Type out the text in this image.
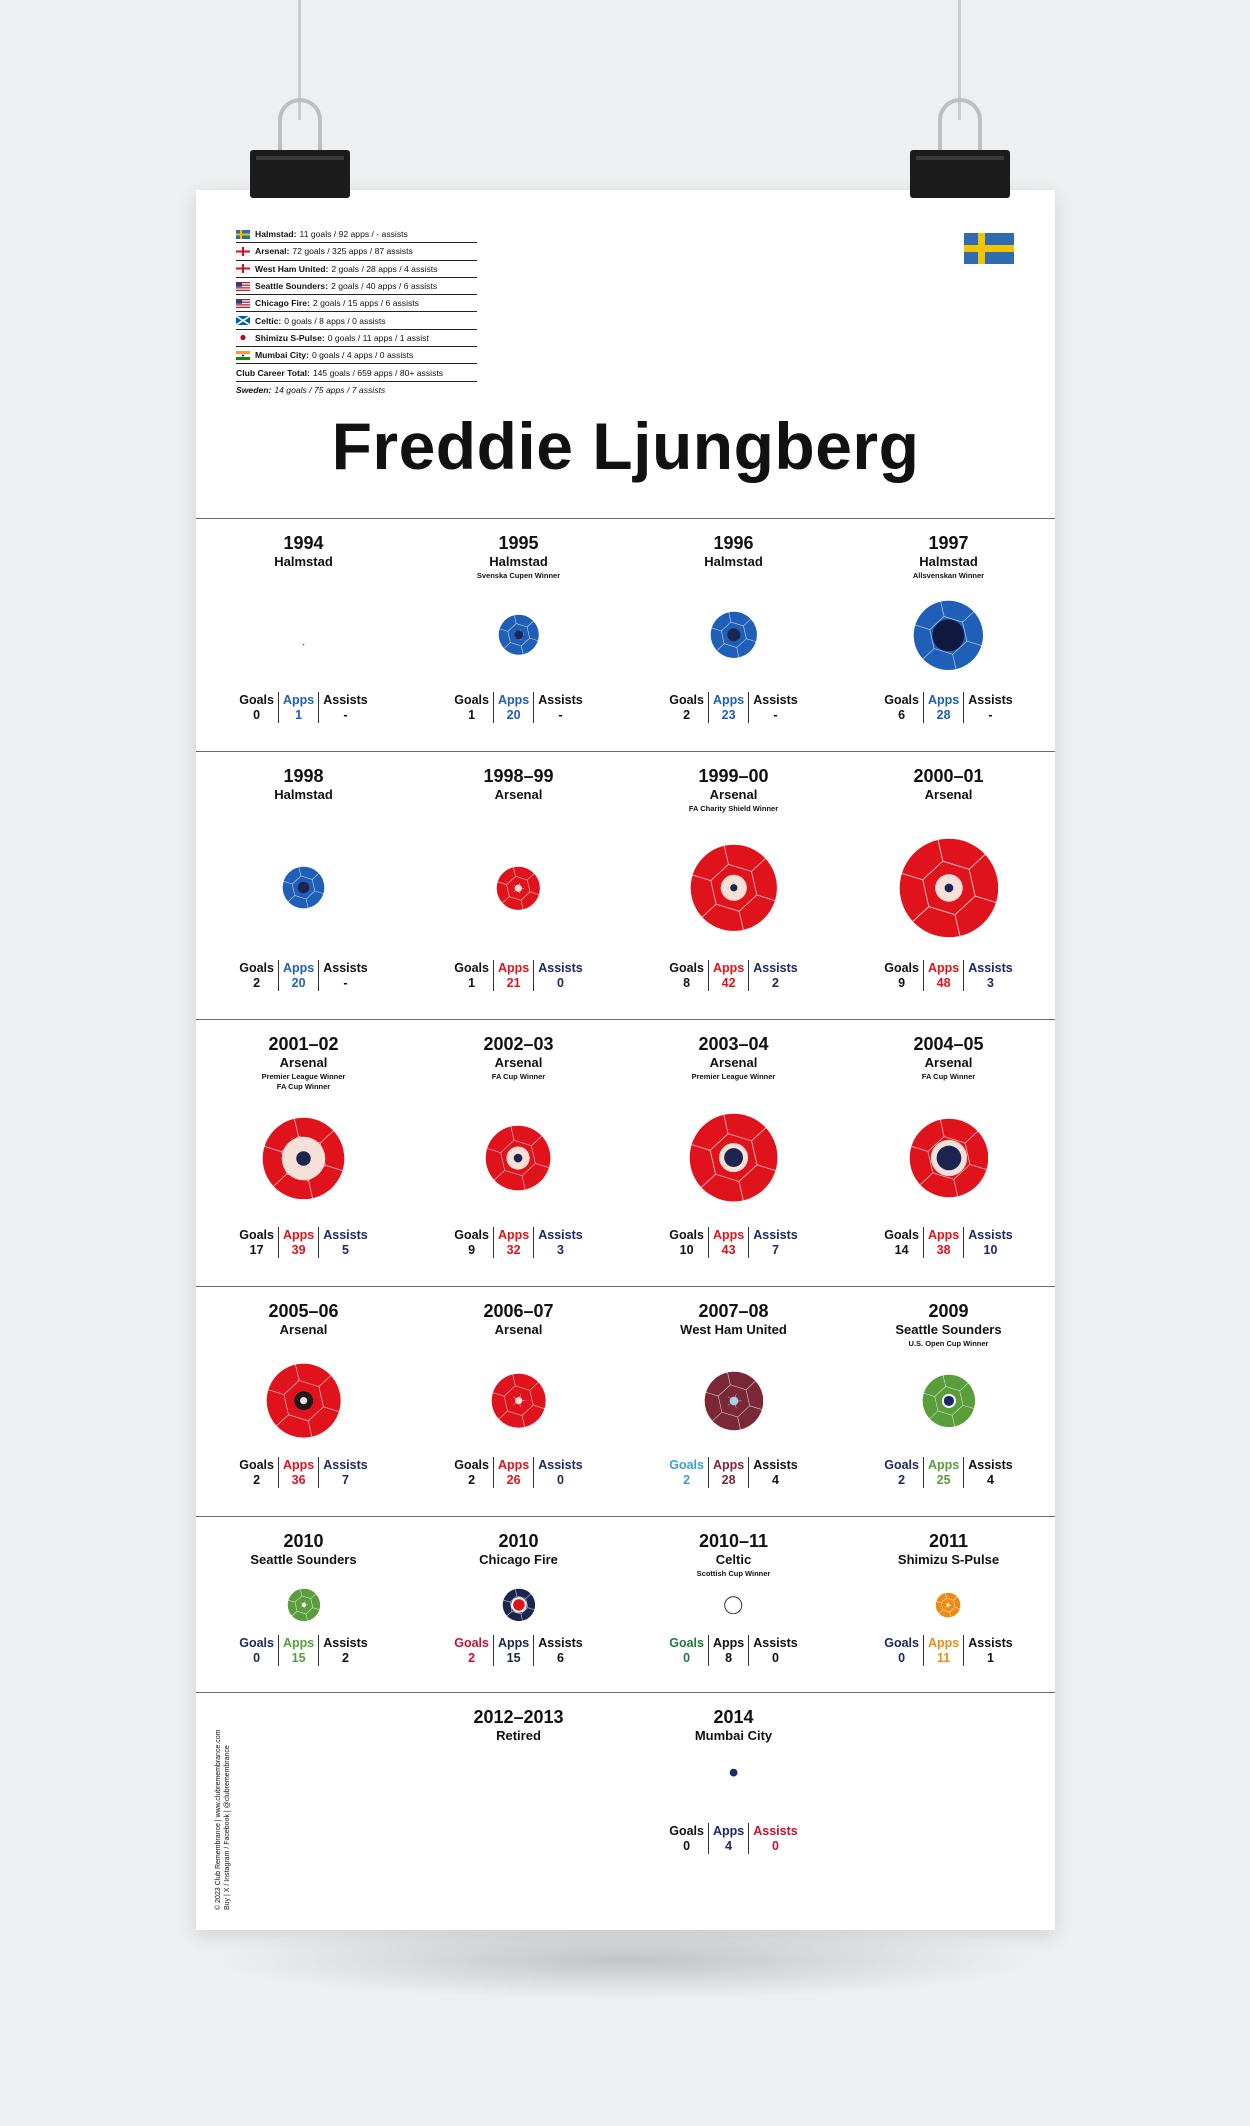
Halmstad: 11 goals / 92 apps / - assists
Arsenal: 72 goals / 325 apps / 87 assists
West Ham United: 2 goals / 28 apps / 4 assists
Seattle Sounders: 2 goals / 40 apps / 6 assists
Chicago Fire: 2 goals / 15 apps / 6 assists
Celtic: 0 goals / 8 apps / 0 assists
Shimizu S-Pulse: 0 goals / 11 apps / 1 assist
Mumbai City: 0 goals / 4 apps / 0 assists
Club Career Total: 145 goals / 659 apps / 80+ assists
Sweden: 14 goals / 75 apps / 7 assists
Freddie Ljungberg
1994
Halmstad
Goals
0
Apps
1
Assists
-
1995
Halmstad
Svenska Cupen Winner
Goals
1
Apps
20
Assists
-
1996
Halmstad
Goals
2
Apps
23
Assists
-
1997
Halmstad
Allsvenskan Winner
Goals
6
Apps
28
Assists
-
1998
Halmstad
Goals
2
Apps
20
Assists
-
1998–99
Arsenal
Goals
1
Apps
21
Assists
0
1999–00
Arsenal
FA Charity Shield Winner
Goals
8
Apps
42
Assists
2
2000–01
Arsenal
Goals
9
Apps
48
Assists
3
2001–02
Arsenal
Premier League Winner
FA Cup Winner
Goals
17
Apps
39
Assists
5
2002–03
Arsenal
FA Cup Winner
Goals
9
Apps
32
Assists
3
2003–04
Arsenal
Premier League Winner
Goals
10
Apps
43
Assists
7
2004–05
Arsenal
FA Cup Winner
Goals
14
Apps
38
Assists
10
2005–06
Arsenal
Goals
2
Apps
36
Assists
7
2006–07
Arsenal
Goals
2
Apps
26
Assists
0
2007–08
West Ham United
Goals
2
Apps
28
Assists
4
2009
Seattle Sounders
U.S. Open Cup Winner
Goals
2
Apps
25
Assists
4
2010
Seattle Sounders
Goals
0
Apps
15
Assists
2
2010
Chicago Fire
Goals
2
Apps
15
Assists
6
2010–11
Celtic
Scottish Cup Winner
Goals
0
Apps
8
Assists
0
2011
Shimizu S-Pulse
Goals
0
Apps
11
Assists
1
2012–2013
Retired
2014
Mumbai City
Goals
0
Apps
4
Assists
0
© 2023 Club Remembrance | www.clubremembrance.com Buy | X / Instagram / Facebook | @clubremembrance
